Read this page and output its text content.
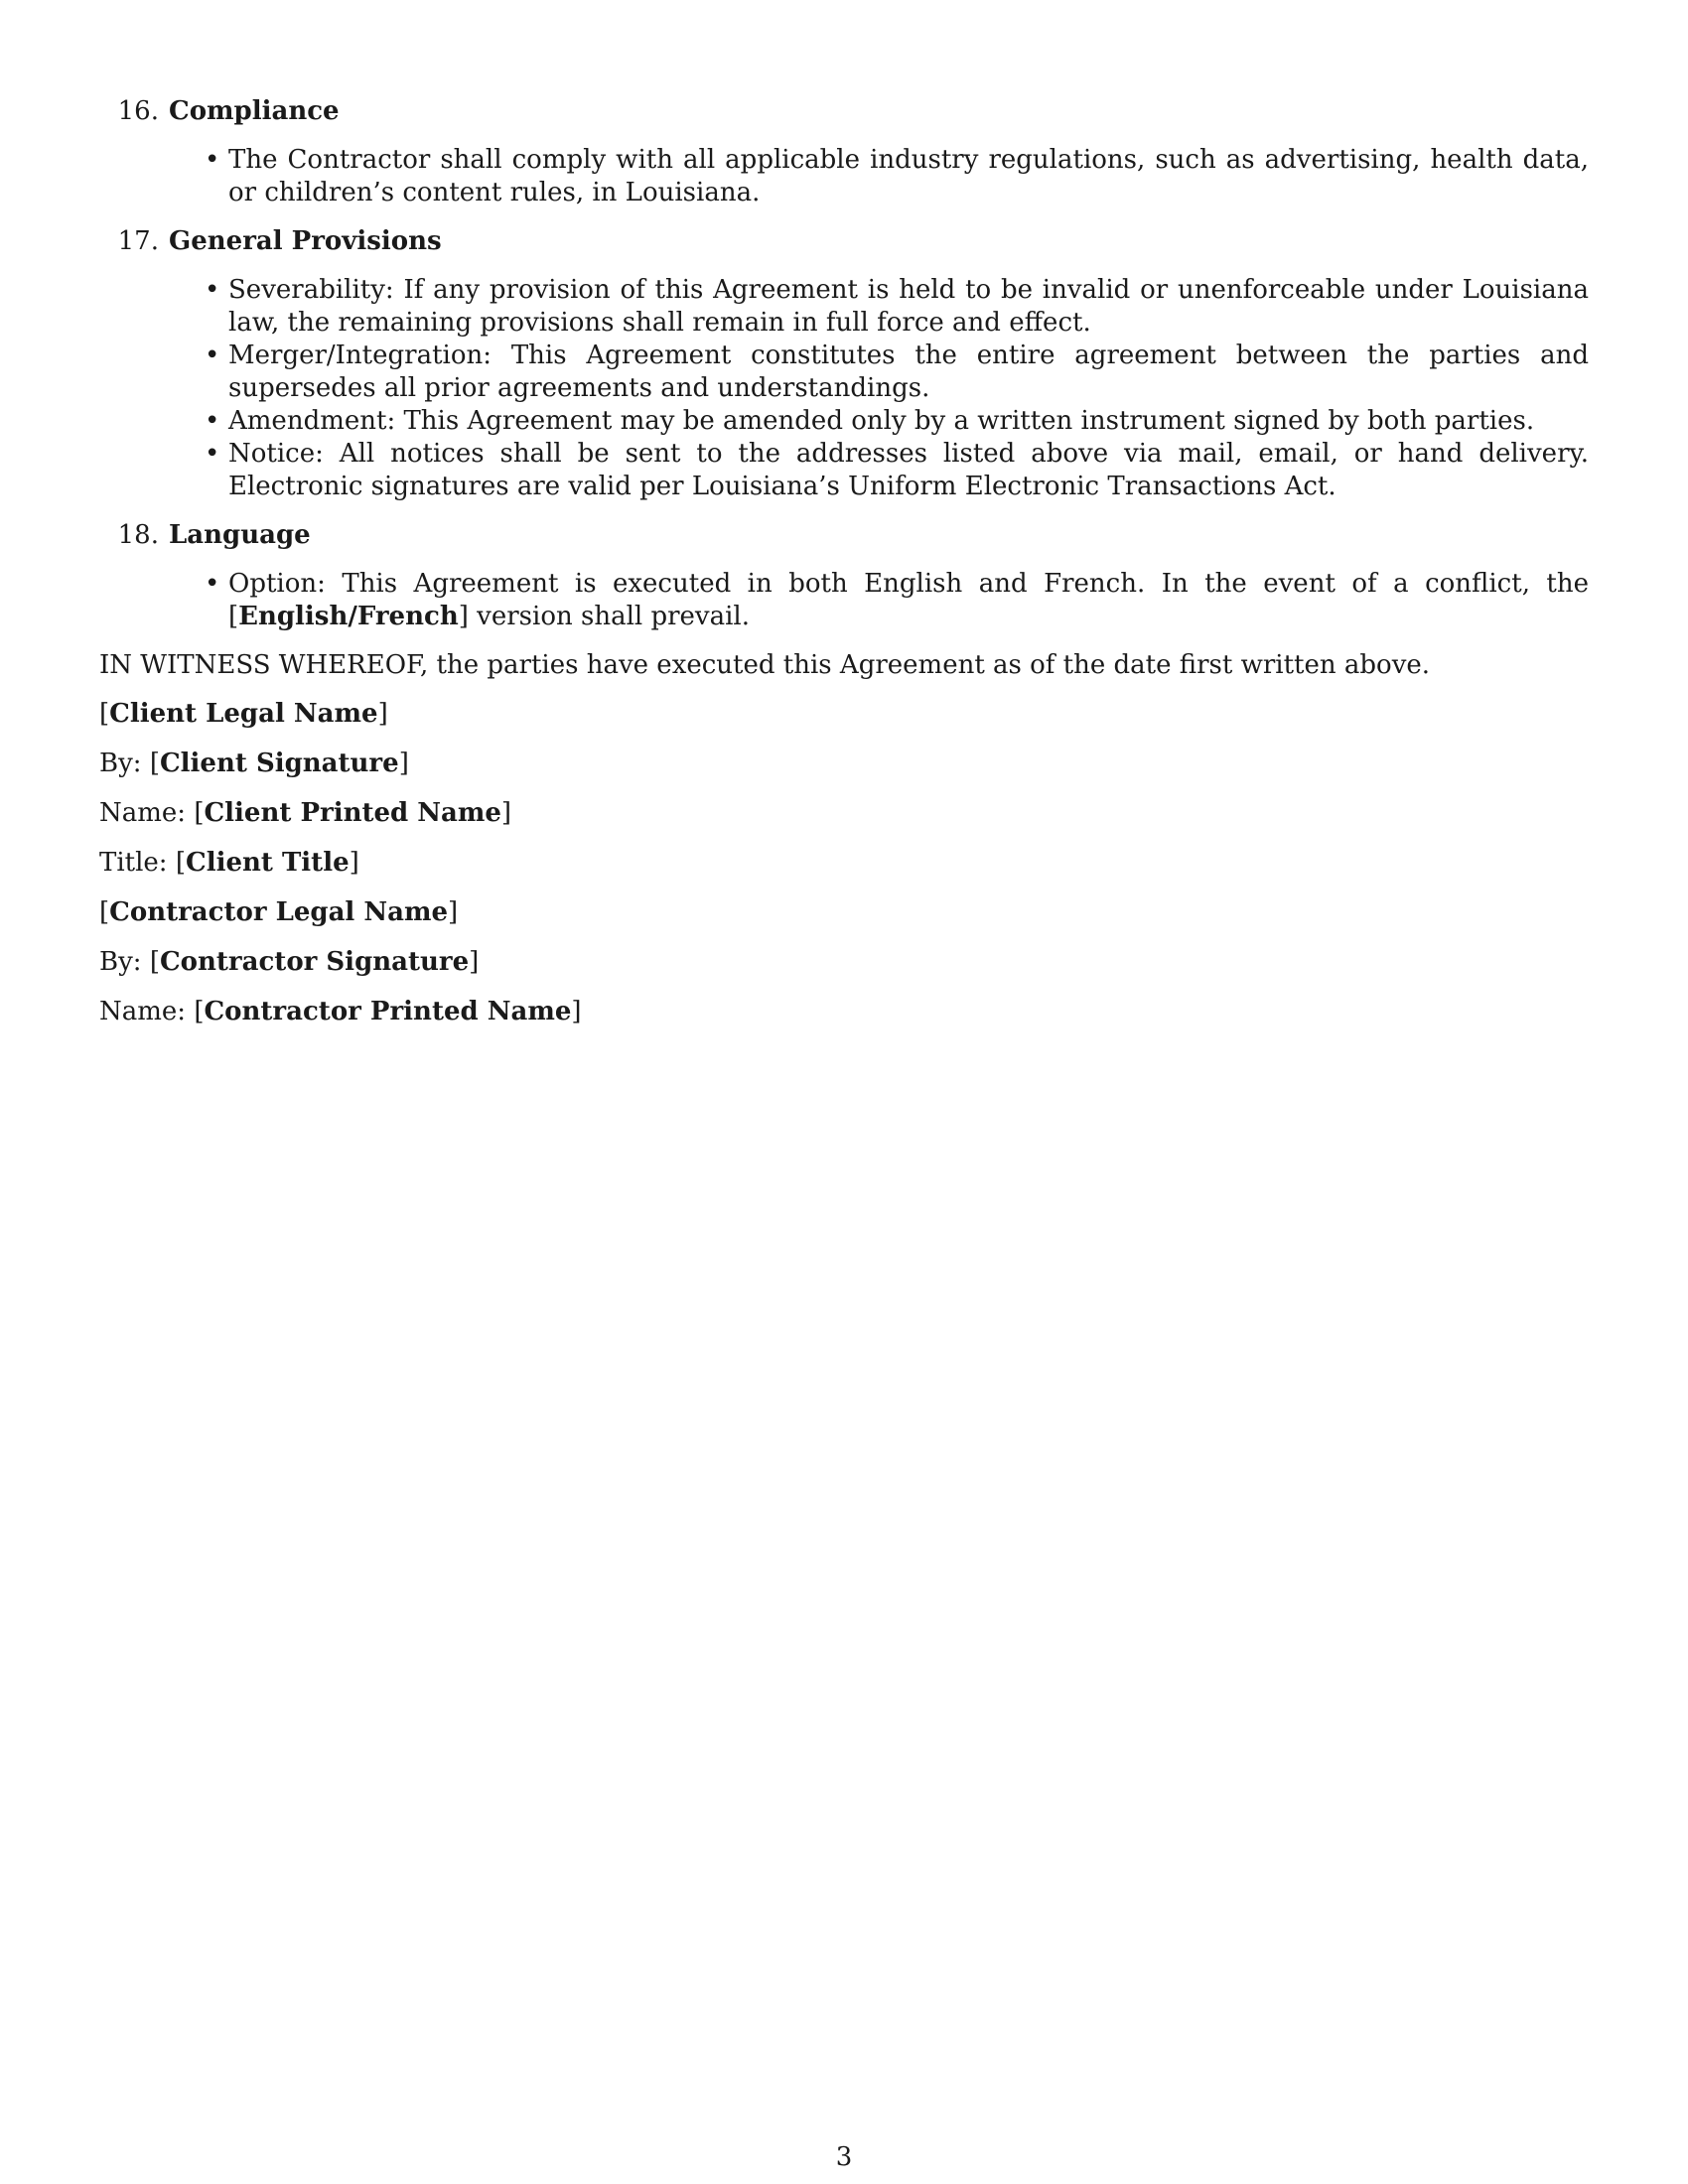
16. Compliance
• The Contractor shall comply with all applicable industry regulations, such as advertising, health data, or children’s content rules, in Louisiana.
17. General Provisions
• Severability: If any provision of this Agreement is held to be invalid or unenforceable under Louisiana law, the remaining provisions shall remain in full force and effect.
• Merger/Integration: This Agreement constitutes the entire agreement between the parties and supersedes all prior agreements and understandings.
• Amendment: This Agreement may be amended only by a written instrument signed by both parties.
• Notice: All notices shall be sent to the addresses listed above via mail, email, or hand delivery. Electronic signatures are valid per Louisiana’s Uniform Electronic Transactions Act.
18. Language
• Option: This Agreement is executed in both English and French. In the event of a conflict, the [English/French] version shall prevail.

IN WITNESS WHEREOF, the parties have executed this Agreement as of the date first written above.

[Client Legal Name]

By: [Client Signature]

Name: [Client Printed Name]

Title: [Client Title]

[Contractor Legal Name]

By: [Contractor Signature]

Name: [Contractor Printed Name]

3
